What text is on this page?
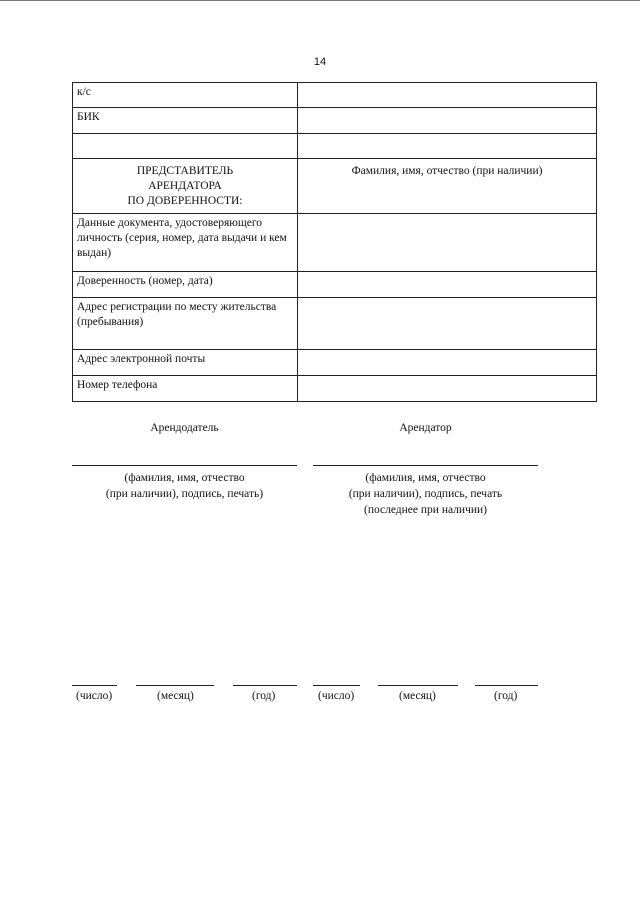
14
к/с	
БИК	

ПРЕДСТАВИТЕЛЬ
АРЕНДАТОРА
ПО ДОВЕРЕННОСТИ:	Фамилия, имя, отчество (при наличии)
Данные документа, удостоверяющего личность (серия, номер, дата выдачи и кем выдан)	
Доверенность (номер, дата)	
Адрес регистрации по месту жительства (пребывания)	
Адрес электронной почты	
Номер телефона	
Арендодатель	Арендатор
(фамилия, имя, отчество
(при наличии), подпись, печать)
(фамилия, имя, отчество
(при наличии), подпись, печать
(последнее при наличии)
(число)	(месяц)	(год)	(число)	(месяц)	(год)
